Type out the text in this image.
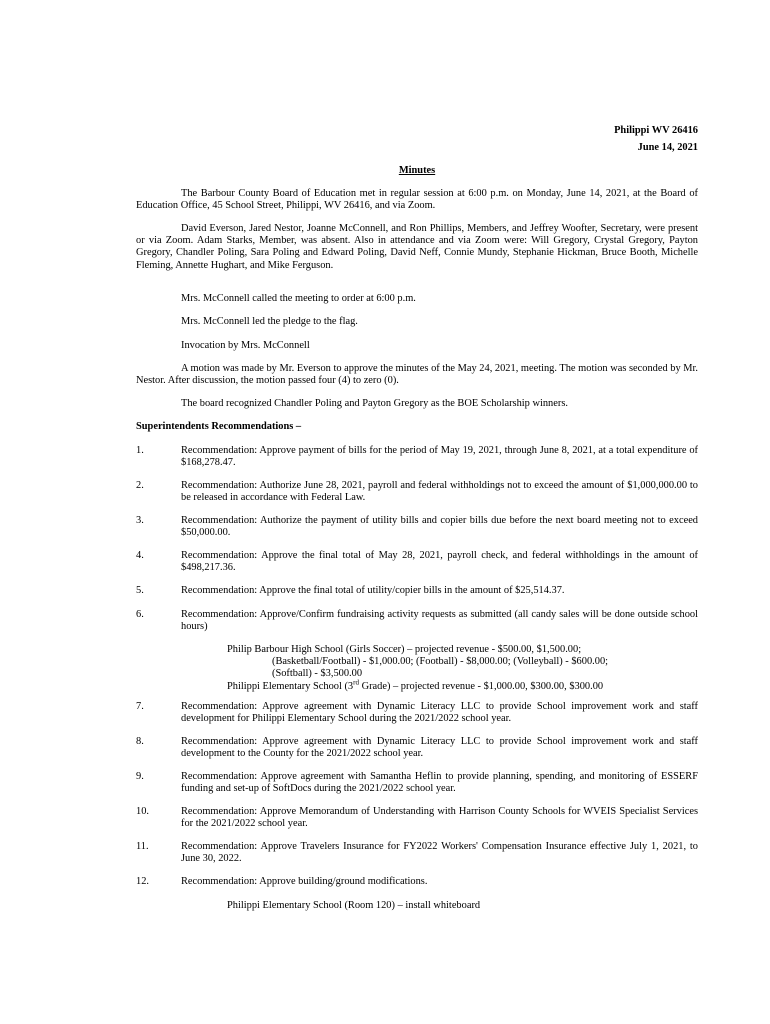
Philippi WV 26416
June 14, 2021
Minutes
The Barbour County Board of Education met in regular session at 6:00 p.m. on Monday, June 14, 2021, at the Board of Education Office, 45 School Street, Philippi, WV 26416, and via Zoom.
David Everson, Jared Nestor, Joanne McConnell, and Ron Phillips, Members, and Jeffrey Woofter, Secretary, were present or via Zoom. Adam Starks, Member, was absent. Also in attendance and via Zoom were: Will Gregory, Crystal Gregory, Payton Gregory, Chandler Poling, Sara Poling and Edward Poling, David Neff, Connie Mundy, Stephanie Hickman, Bruce Booth, Michelle Fleming, Annette Hughart, and Mike Ferguson.
Mrs. McConnell called the meeting to order at 6:00 p.m.
Mrs. McConnell led the pledge to the flag.
Invocation by Mrs. McConnell
A motion was made by Mr. Everson to approve the minutes of the May 24, 2021, meeting. The motion was seconded by Mr. Nestor. After discussion, the motion passed four (4) to zero (0).
The board recognized Chandler Poling and Payton Gregory as the BOE Scholarship winners.
Superintendents Recommendations –
1.	Recommendation: Approve payment of bills for the period of May 19, 2021, through June 8, 2021, at a total expenditure of $168,278.47.
2.	Recommendation: Authorize June 28, 2021, payroll and federal withholdings not to exceed the amount of $1,000,000.00 to be released in accordance with Federal Law.
3.	Recommendation: Authorize the payment of utility bills and copier bills due before the next board meeting not to exceed $50,000.00.
4.	Recommendation: Approve the final total of May 28, 2021, payroll check, and federal withholdings in the amount of $498,217.36.
5.	Recommendation: Approve the final total of utility/copier bills in the amount of $25,514.37.
6.	Recommendation: Approve/Confirm fundraising activity requests as submitted (all candy sales will be done outside school hours)
Philip Barbour High School (Girls Soccer) – projected revenue - $500.00, $1,500.00;
(Basketball/Football) - $1,000.00; (Football) - $8,000.00; (Volleyball) - $600.00;
(Softball) - $3,500.00
Philippi Elementary School (3rd Grade) – projected revenue - $1,000.00, $300.00, $300.00
7.	Recommendation: Approve agreement with Dynamic Literacy LLC to provide School improvement work and staff development for Philippi Elementary School during the 2021/2022 school year.
8.	Recommendation: Approve agreement with Dynamic Literacy LLC to provide School improvement work and staff development to the County for the 2021/2022 school year.
9.	Recommendation: Approve agreement with Samantha Heflin to provide planning, spending, and monitoring of ESSERF funding and set-up of SoftDocs during the 2021/2022 school year.
10.	Recommendation: Approve Memorandum of Understanding with Harrison County Schools for WVEIS Specialist Services for the 2021/2022 school year.
11.	Recommendation: Approve Travelers Insurance for FY2022 Workers' Compensation Insurance effective July 1, 2021, to June 30, 2022.
12.	Recommendation: Approve building/ground modifications.
Philippi Elementary School (Room 120) – install whiteboard
